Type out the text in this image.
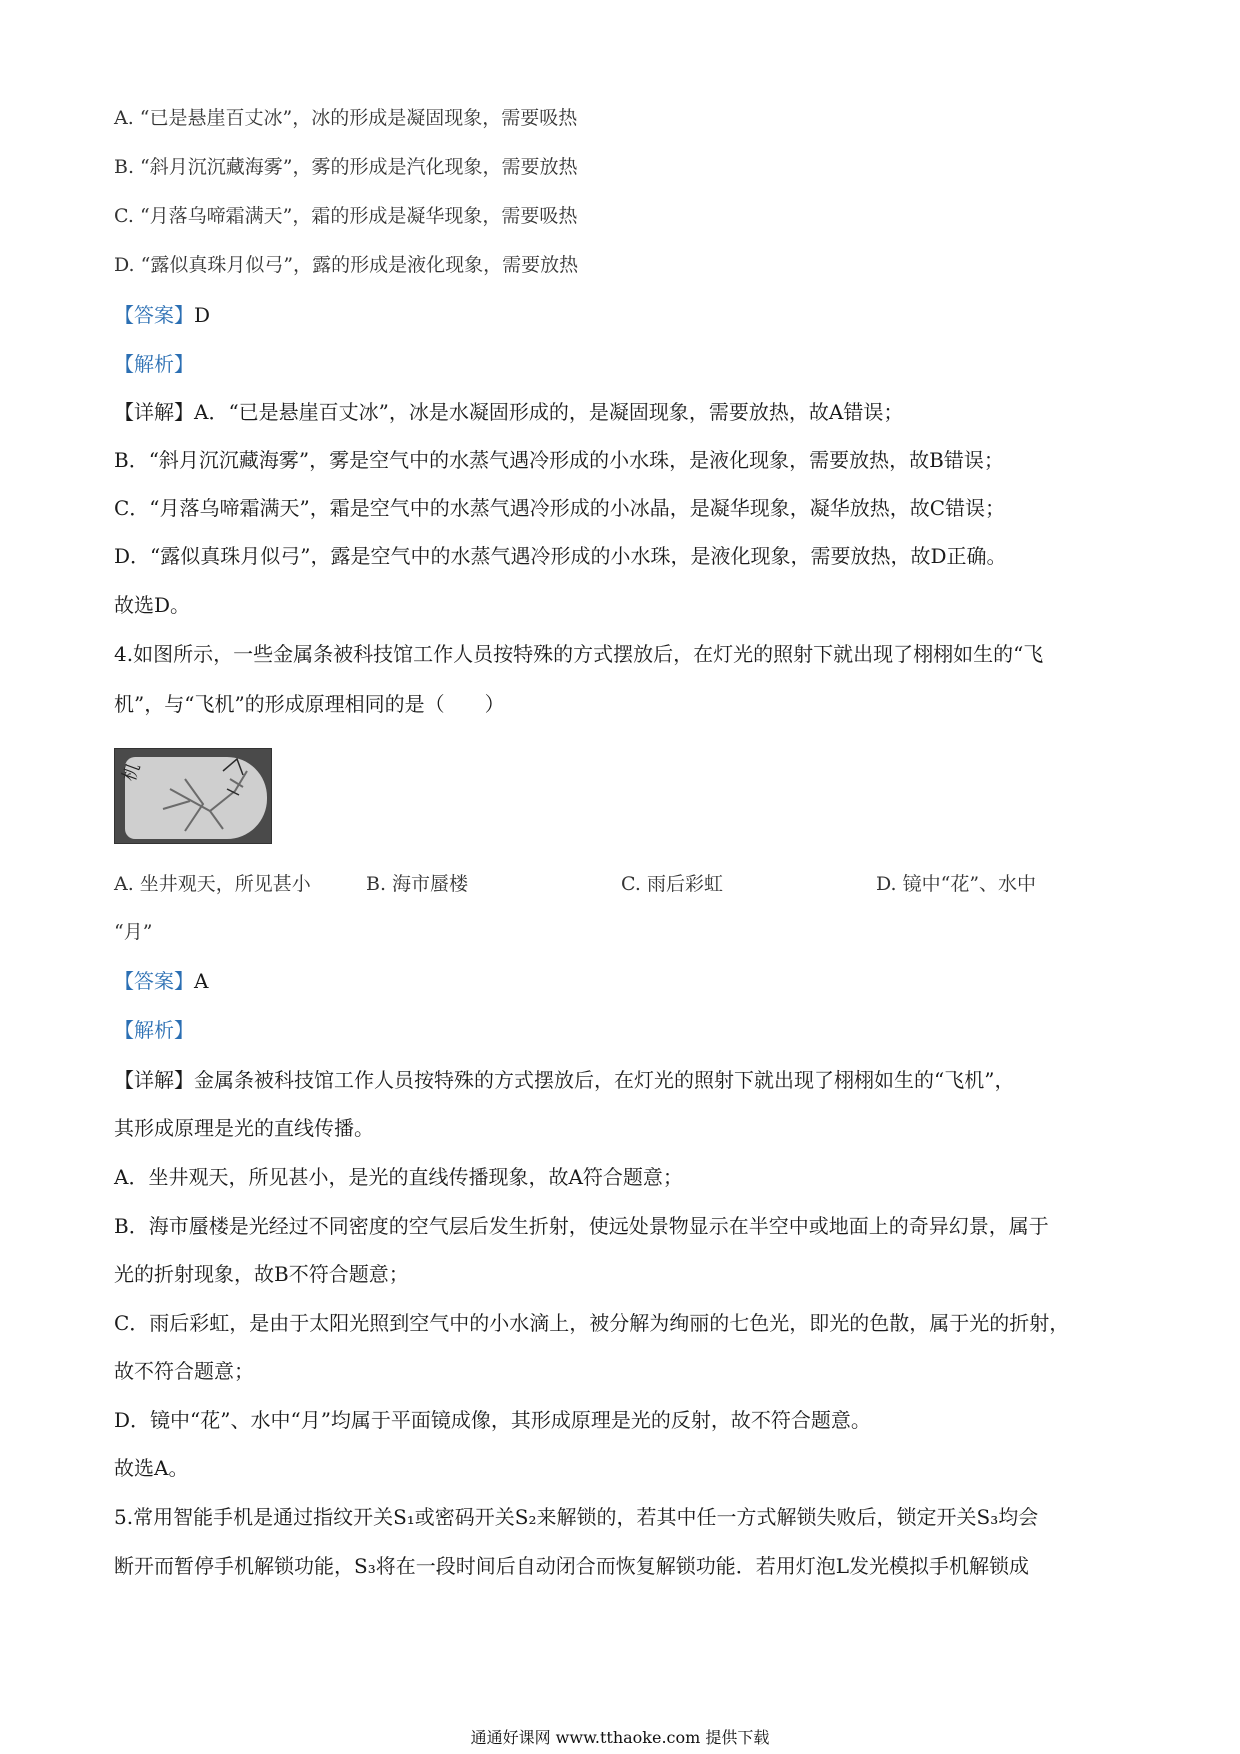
A. “已是悬崖百丈冰”，冰的形成是凝固现象，需要吸热
B. “斜月沉沉藏海雾”，雾的形成是汽化现象，需要放热
C. “月落乌啼霜满天”，霜的形成是凝华现象，需要吸热
D. “露似真珠月似弓”，露的形成是液化现象，需要放热
【答案】D
【解析】
【详解】A．“已是悬崖百丈冰”，冰是水凝固形成的，是凝固现象，需要放热，故A错误；
B．“斜月沉沉藏海雾”，雾是空气中的水蒸气遇冷形成的小水珠，是液化现象，需要放热，故B错误；
C．“月落乌啼霜满天”，霜是空气中的水蒸气遇冷形成的小冰晶，是凝华现象，凝华放热，故C错误；
D．“露似真珠月似弓”，露是空气中的水蒸气遇冷形成的小水珠，是液化现象，需要放热，故D正确。
故选D。
4.如图所示，一些金属条被科技馆工作人员按特殊的方式摆放后，在灯光的照射下就出现了栩栩如生的“飞
机”，与“飞机”的形成原理相同的是（　　）
机
A. 坐井观天，所见甚小	B. 海市蜃楼	C. 雨后彩虹	D. 镜中“花”、水中
“月”
【答案】A
【解析】
【详解】金属条被科技馆工作人员按特殊的方式摆放后，在灯光的照射下就出现了栩栩如生的“飞机”，
其形成原理是光的直线传播。
A．坐井观天，所见甚小，是光的直线传播现象，故A符合题意；
B．海市蜃楼是光经过不同密度的空气层后发生折射，使远处景物显示在半空中或地面上的奇异幻景，属于
光的折射现象，故B不符合题意；
C．雨后彩虹，是由于太阳光照到空气中的小水滴上，被分解为绚丽的七色光，即光的色散，属于光的折射，
故不符合题意；
D．镜中“花”、水中“月”均属于平面镜成像，其形成原理是光的反射，故不符合题意。
故选A。
5.常用智能手机是通过指纹开关S₁或密码开关S₂来解锁的，若其中任一方式解锁失败后，锁定开关S₃均会
断开而暂停手机解锁功能，S₃将在一段时间后自动闭合而恢复解锁功能．若用灯泡L发光模拟手机解锁成
通通好课网 www.tthaoke.com 提供下载
